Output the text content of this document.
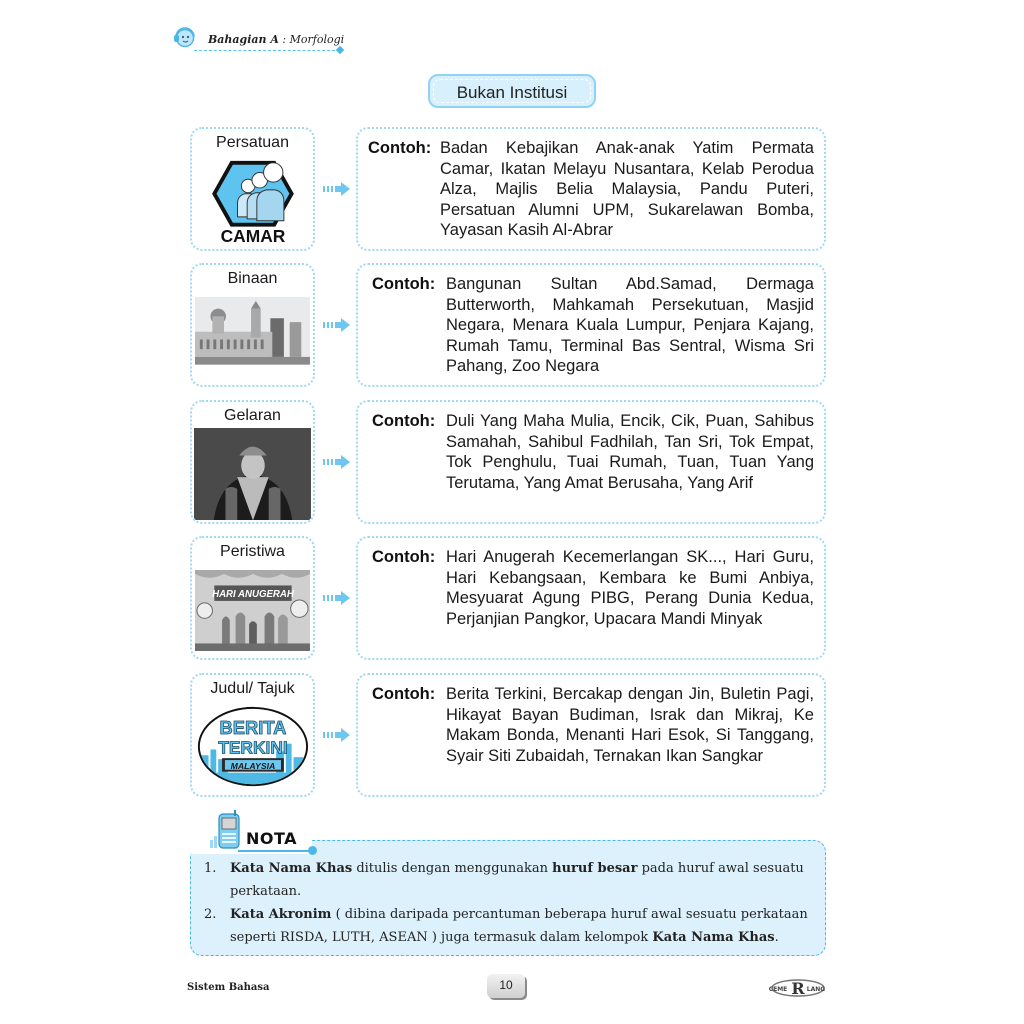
Bahagian A : Morfologi
Bukan Institusi
Persatuan
CAMAR
Contoh: Badan Kebajikan Anak-anak Yatim Permata Camar, Ikatan Melayu Nusantara, Kelab Perodua Alza, Majlis Belia Malaysia, Pandu Puteri, Persatuan Alumni UPM, Sukarelawan Bomba, Yayasan Kasih Al-Abrar
Binaan	Contoh: Bangunan Sultan Abd.Samad, Dermaga Butterworth, Mahkamah Persekutuan, Masjid Negara, Menara Kuala Lumpur, Penjara Kajang, Rumah Tamu, Terminal Bas Sentral, Wisma Sri Pahang, Zoo Negara
Gelaran	Contoh: Duli Yang Maha Mulia, Encik, Cik, Puan, Sahibus Samahah, Sahibul Fadhilah, Tan Sri, Tok Empat, Tok Penghulu, Tuai Rumah, Tuan, Tuan Yang Terutama, Yang Amat Berusaha, Yang Arif
Peristiwa
HARI ANUGERAH
Contoh: Hari Anugerah Kecemerlangan SK..., Hari Guru, Hari Kebangsaan, Kembara ke Bumi Anbiya, Mesyuarat Agung PIBG, Perang Dunia Kedua, Perjanjian Pangkor, Upacara Mandi Minyak
Judul/ Tajuk
BERITA
TERKINI
MALAYSIA
Contoh: Berita Terkini, Bercakap dengan Jin, Buletin Pagi, Hikayat Bayan Budiman, Israk dan Mikraj, Ke Makam Bonda, Menanti Hari Esok, Si Tanggang, Syair Siti Zubaidah, Ternakan Ikan Sangkar
NOTA
1. Kata Nama Khas ditulis dengan menggunakan huruf besar pada huruf awal sesuatu perkataan.
2. Kata Akronim ( dibina daripada percantuman beberapa huruf awal sesuatu perkataan seperti RISDA, LUTH, ASEAN ) juga termasuk dalam kelompok Kata Nama Khas.
Sistem Bahasa	10	R
CEME	LANG
